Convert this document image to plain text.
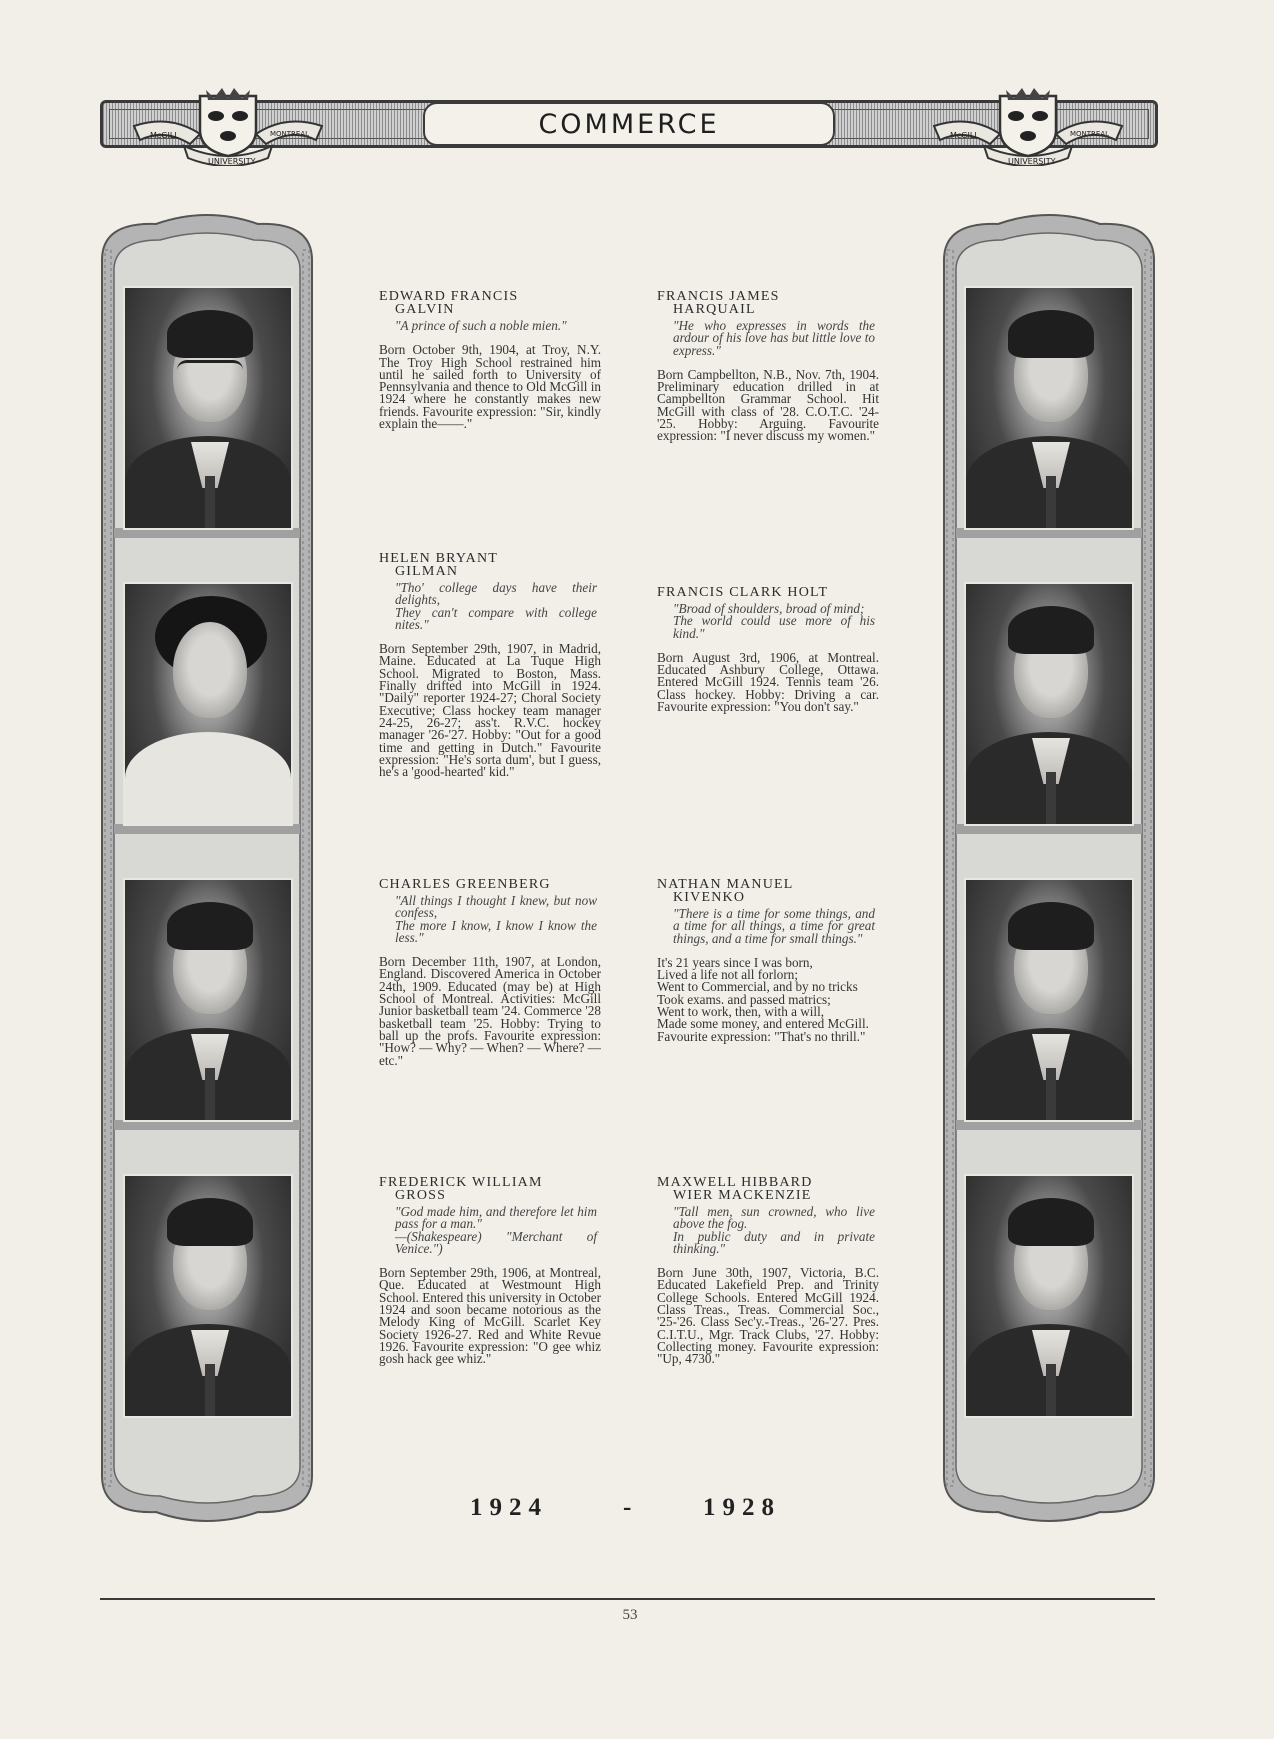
COMMERCE
McGILL
UNIVERSITY
MONTREAL	McGILL
UNIVERSITY
MONTREAL
EDWARD FRANCIS
GALVIN
"A prince of such a noble mien."
Born October 9th, 1904, at Troy, N.Y. The Troy High School restrained him until he sailed forth to University of Pennsylvania and thence to Old McGill in 1924 where he constantly makes new friends. Favourite expression: "Sir, kindly explain the——."
HELEN BRYANT
GILMAN
"Tho' college days have their delights,
They can't compare with college nites."
Born September 29th, 1907, in Madrid, Maine. Educated at La Tuque High School. Migrated to Boston, Mass. Finally drifted into McGill in 1924. "Daily" reporter 1924-27; Choral Society Executive; Class hockey team manager 24-25, 26-27; ass't. R.V.C. hockey manager '26-'27. Hobby: "Out for a good time and getting in Dutch." Favourite expression: "He's sorta dum', but I guess, he's a 'good-hearted' kid."
CHARLES GREENBERG
"All things I thought I knew, but now confess,
The more I know, I know I know the less."
Born December 11th, 1907, at London, England. Discovered America in October 24th, 1909. Educated (may be) at High School of Montreal. Activities: McGill Junior basketball team '24. Commerce '28 basketball team '25. Hobby: Trying to ball up the profs. Favourite expression: "How? — Why? — When? — Where? — etc."
FREDERICK WILLIAM
GROSS
"God made him, and therefore let him pass for a man."
—(Shakespeare) "Merchant of Venice.")
Born September 29th, 1906, at Montreal, Que. Educated at Westmount High School. Entered this university in October 1924 and soon became notorious as the Melody King of McGill. Scarlet Key Society 1926-27. Red and White Revue 1926. Favourite expression: "O gee whiz gosh hack gee whiz."
FRANCIS JAMES
HARQUAIL
"He who expresses in words the ardour of his love has but little love to express."
Born Campbellton, N.B., Nov. 7th, 1904. Preliminary education drilled in at Campbellton Grammar School. Hit McGill with class of '28. C.O.T.C. '24-'25. Hobby: Arguing. Favourite expression: "I never discuss my women."
FRANCIS CLARK HOLT
"Broad of shoulders, broad of mind;
The world could use more of his kind."
Born August 3rd, 1906, at Montreal. Educated Ashbury College, Ottawa. Entered McGill 1924. Tennis team '26. Class hockey. Hobby: Driving a car. Favourite expression: "You don't say."
NATHAN MANUEL
KIVENKO
"There is a time for some things, and a time for all things, a time for great things, and a time for small things."
It's 21 years since I was born,
Lived a life not all forlorn;
Went to Commercial, and by no tricks
Took exams. and passed matrics;
Went to work, then, with a will,
Made some money, and entered McGill.
Favourite expression: "That's no thrill."
MAXWELL HIBBARD
WIER MACKENZIE
"Tall men, sun crowned, who live above the fog.
In public duty and in private thinking."
Born June 30th, 1907, Victoria, B.C. Educated Lakefield Prep. and Trinity College Schools. Entered McGill 1924. Class Treas., Treas. Commercial Soc., '25-'26. Class Sec'y.-Treas., '26-'27. Pres. C.I.T.U., Mgr. Track Clubs, '27. Hobby: Collecting money. Favourite expression: "Up, 4730."
1924	-	1928
53
